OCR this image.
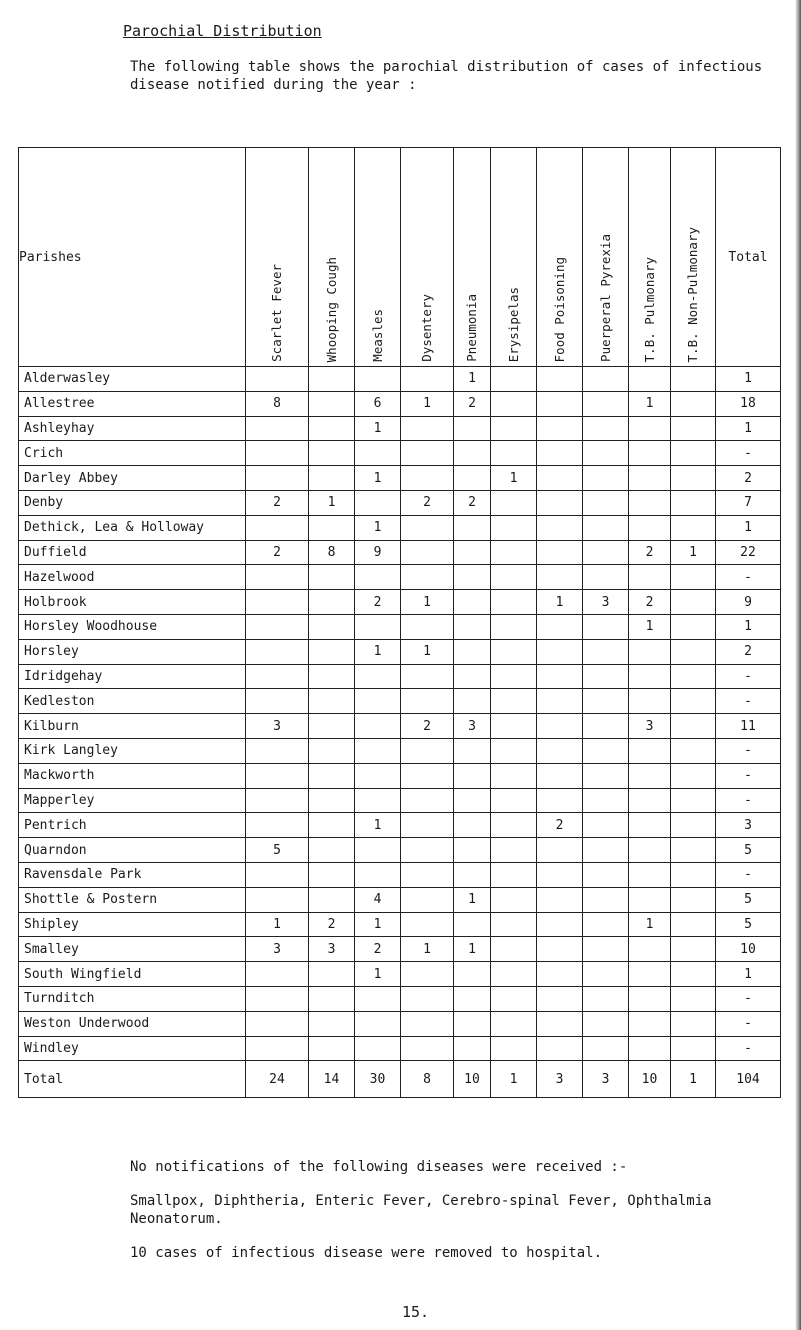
Parochial Distribution
The following table shows the parochial distribution of cases of infectious disease notified during the year :
Parishes	Scarlet Fever	Whooping Cough	Measles	Dysentery	Pneumonia	Erysipelas	Food Poisoning	Puerperal Pyrexia	T.B. Pulmonary	T.B. Non-Pulmonary	Total
Alderwasley					1						1
Allestree	8		6	1	2				1		18
Ashleyhay			1								1
Crich											-
Darley Abbey			1			1					2
Denby	2	1		2	2						7
Dethick, Lea & Holloway			1								1
Duffield	2	8	9						2	1	22
Hazelwood											-
Holbrook			2	1			1	3	2		9
Horsley Woodhouse									1		1
Horsley			1	1							2
Idridgehay											-
Kedleston											-
Kilburn	3			2	3				3		11
Kirk Langley											-
Mackworth											-
Mapperley											-
Pentrich			1				2				3
Quarndon	5										5
Ravensdale Park											-
Shottle & Postern			4		1						5
Shipley	1	2	1						1		5
Smalley	3	3	2	1	1						10
South Wingfield			1								1
Turnditch											-
Weston Underwood											-
Windley											-
Total	24	14	30	8	10	1	3	3	10	1	104

No notifications of the following diseases were received :-

Smallpox, Diphtheria, Enteric Fever, Cerebro-spinal Fever, Ophthalmia Neonatorum.

10 cases of infectious disease were removed to hospital.

15.
